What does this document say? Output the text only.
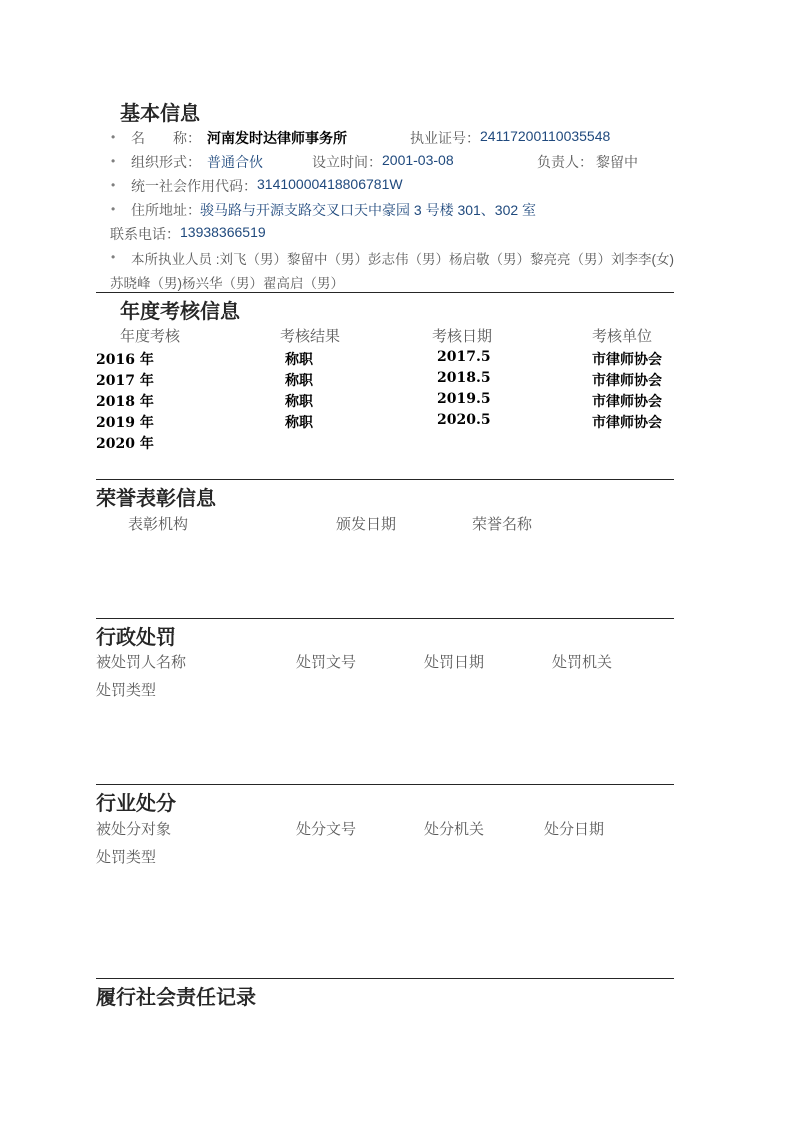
基本信息
• 名　　称： 河南发时达律师事务所	执业证号： 24117200110035548
• 组织形式： 普通合伙	设立时间： 2001-03-08	负责人： 黎留中
• 统一社会作用代码： 31410000418806781W
• 住所地址： 骏马路与开源支路交叉口天中豪园 3 号楼 301、302 室
联系电话： 13938366519
• 本所执业人员 :刘飞（男）黎留中（男）彭志伟（男）杨启敬（男）黎亮亮（男）刘李李(女)
苏晓峰（男)杨兴华（男）翟高启（男）
年度考核信息
年度考核	考核结果	考核日期	考核单位
2016 年	称职	2017.5	市律师协会
2017 年	称职	2018.5	市律师协会
2018 年	称职	2019.5	市律师协会
2019 年	称职	2020.5	市律师协会
2020 年
荣誉表彰信息
表彰机构	颁发日期	荣誉名称
行政处罚
被处罚人名称	处罚文号	处罚日期	处罚机关
处罚类型
行业处分
被处分对象	处分文号	处分机关	处分日期
处罚类型
履行社会责任记录
